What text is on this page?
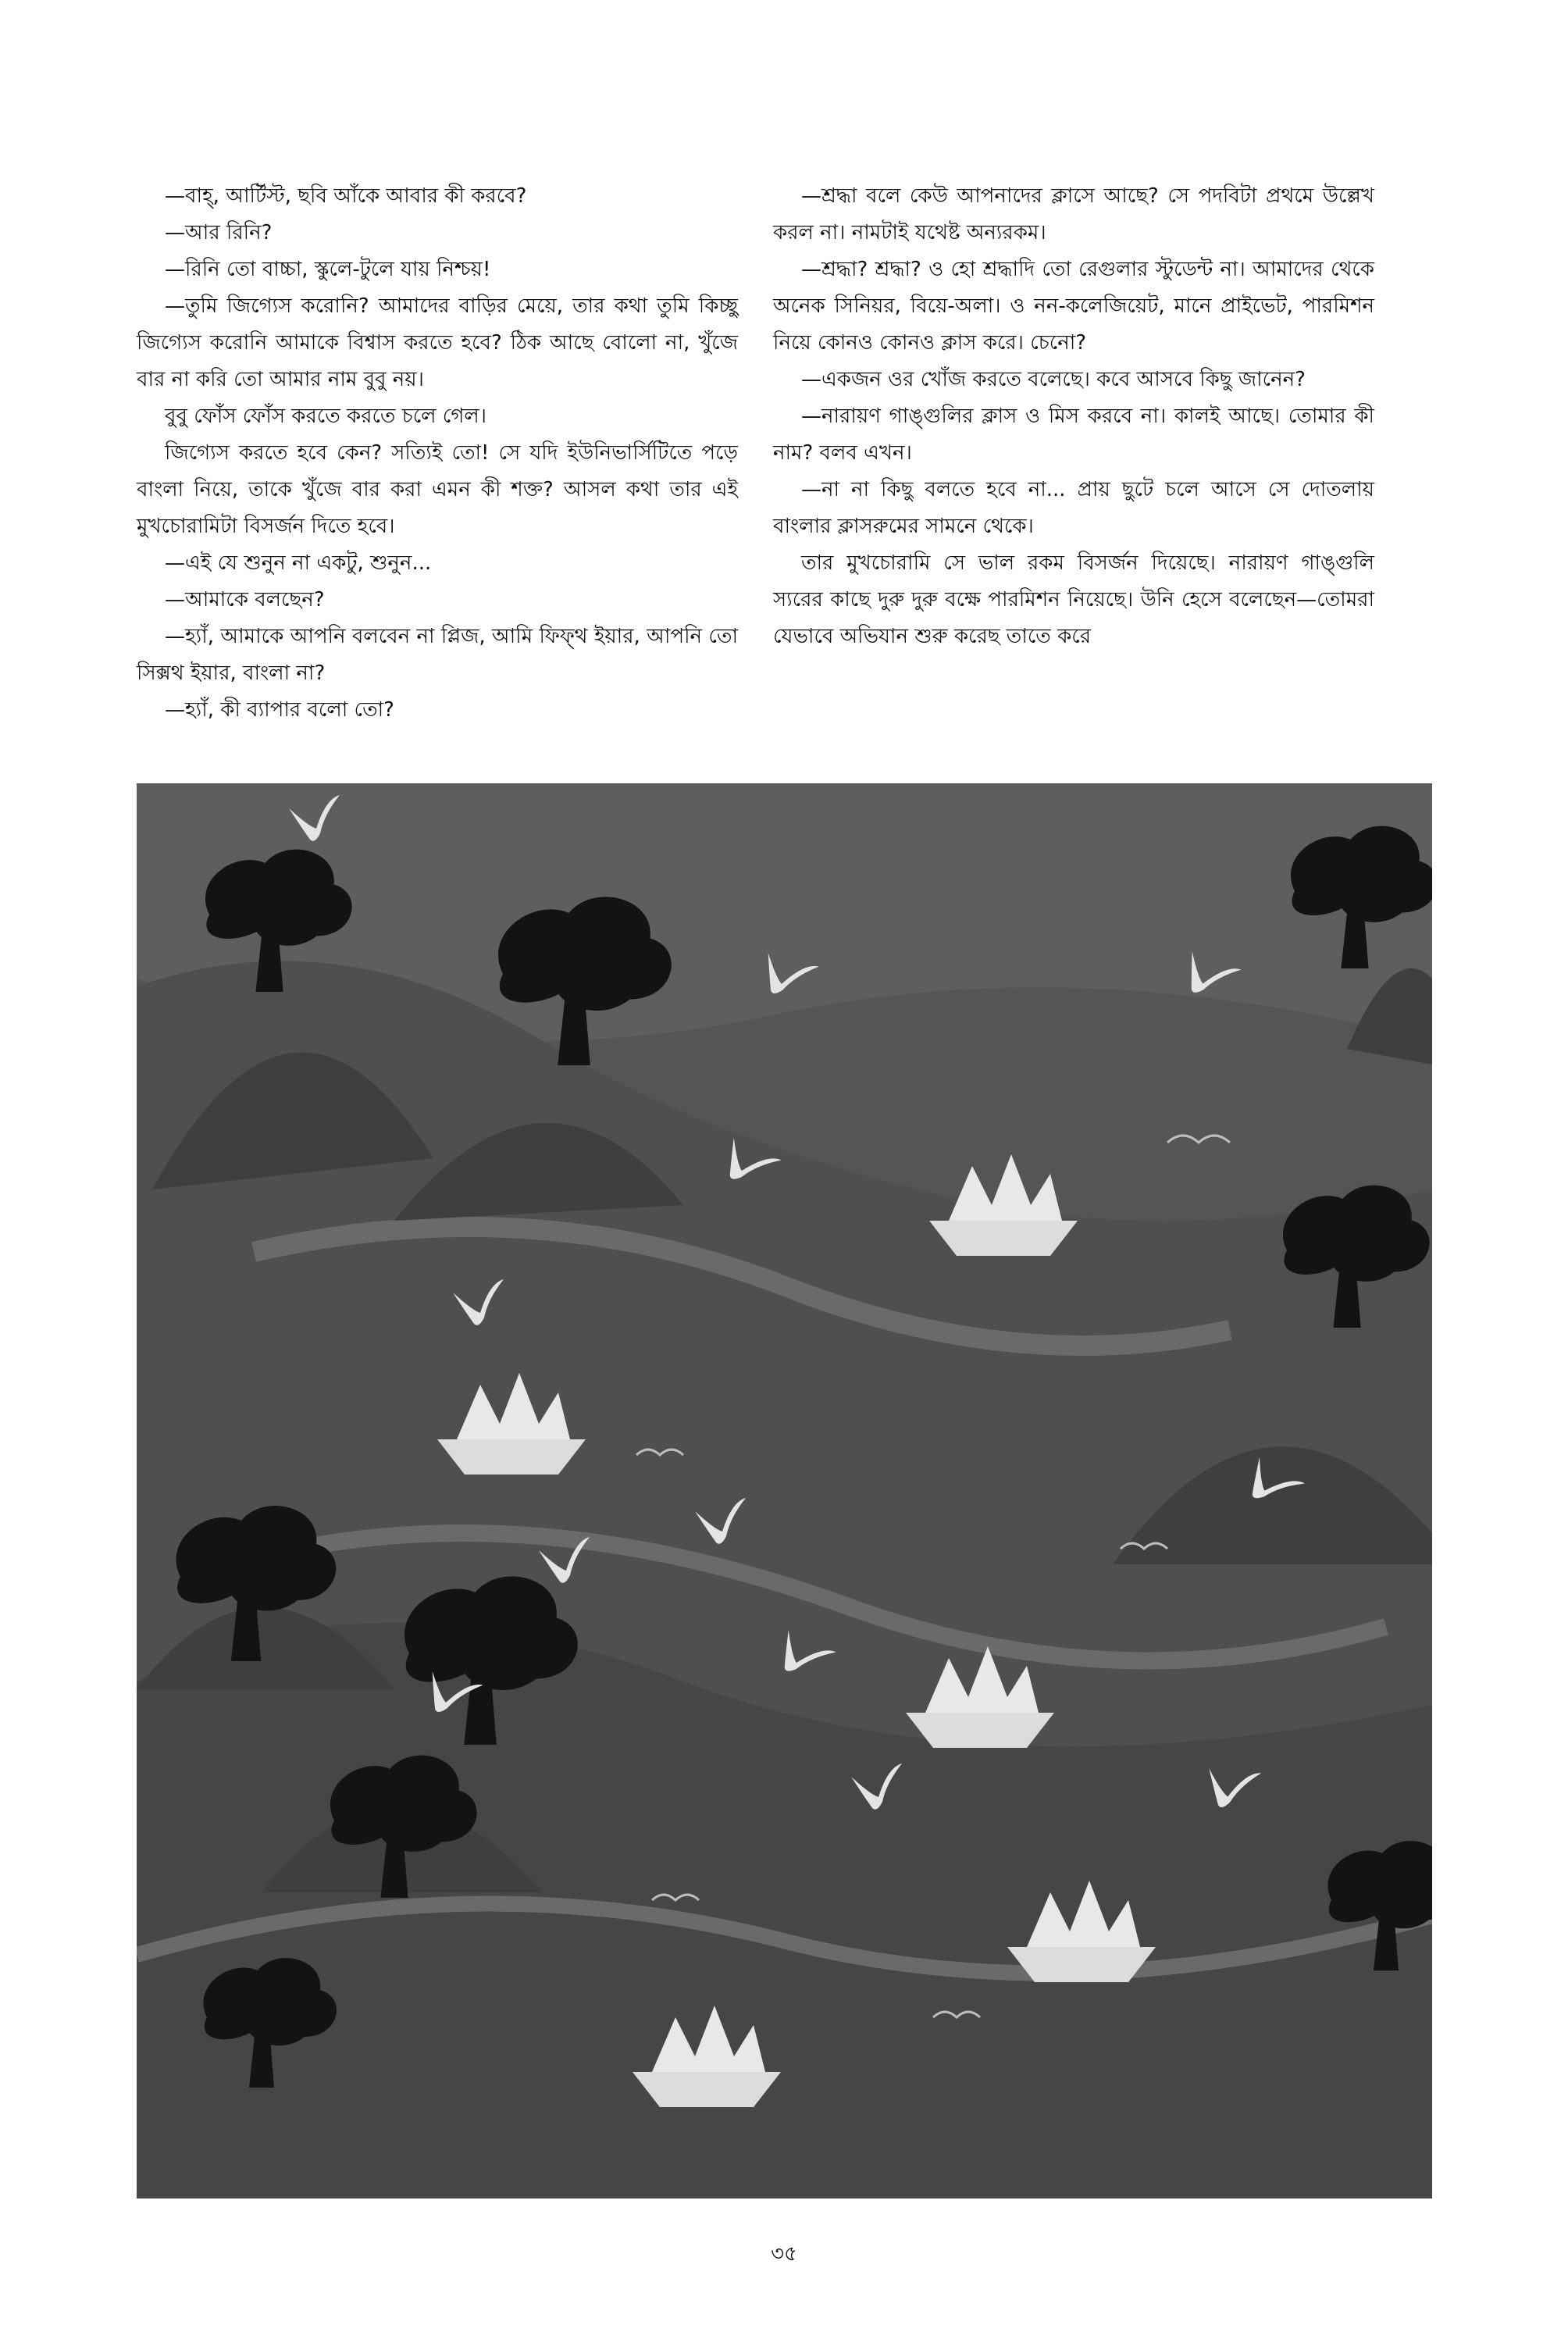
—বাহ্, আর্টিস্ট, ছবি আঁকে আবার কী করবে?

—আর রিনি?

—রিনি তো বাচ্চা, স্কুলে-টুলে যায় নিশ্চয়!

—তুমি জিগ্যেস করোনি? আমাদের বাড়ির মেয়ে, তার কথা তুমি কিচ্ছু জিগ্যেস করোনি আমাকে বিশ্বাস করতে হবে? ঠিক আছে বোলো না, খুঁজে বার না করি তো আমার নাম বুবু নয়।

বুবু ফোঁস ফোঁস করতে করতে চলে গেল।

জিগ্যেস করতে হবে কেন? সত্যিই তো! সে যদি ইউনিভার্সিটিতে পড়ে বাংলা নিয়ে, তাকে খুঁজে বার করা এমন কী শক্ত? আসল কথা তার এই মুখচোরামিটা বিসর্জন দিতে হবে।

—এই যে শুনুন না একটু, শুনুন...

—আমাকে বলছেন?

—হ্যাঁ, আমাকে আপনি বলবেন না প্লিজ, আমি ফিফ্থ ইয়ার, আপনি তো সিক্সথ ইয়ার, বাংলা না?

—হ্যাঁ, কী ব্যাপার বলো তো?

—শ্রদ্ধা বলে কেউ আপনাদের ক্লাসে আছে? সে পদবিটা প্রথমে উল্লেখ করল না। নামটাই যথেষ্ট অন্যরকম।

—শ্রদ্ধা? শ্রদ্ধা? ও হো শ্রদ্ধাদি তো রেগুলার স্টুডেন্ট না। আমাদের থেকে অনেক সিনিয়র, বিয়ে-অলা। ও নন-কলেজিয়েট, মানে প্রাইভেট, পারমিশন নিয়ে কোনও কোনও ক্লাস করে। চেনো?

—একজন ওর খোঁজ করতে বলেছে। কবে আসবে কিছু জানেন?

—নারায়ণ গাঙ্গুলির ক্লাস ও মিস করবে না। কালই আছে। তোমার কী নাম? বলব এখন।

—না না কিছু বলতে হবে না... প্রায় ছুটে চলে আসে সে দোতলায় বাংলার ক্লাসরুমের সামনে থেকে।

তার মুখচোরামি সে ভাল রকম বিসর্জন দিয়েছে। নারায়ণ গাঙ্গুলি স্যরের কাছে দুরু দুরু বক্ষে পারমিশন নিয়েছে। উনি হেসে বলেছেন—তোমরা যেভাবে অভিযান শুরু করেছ তাতে করে

৩৫
